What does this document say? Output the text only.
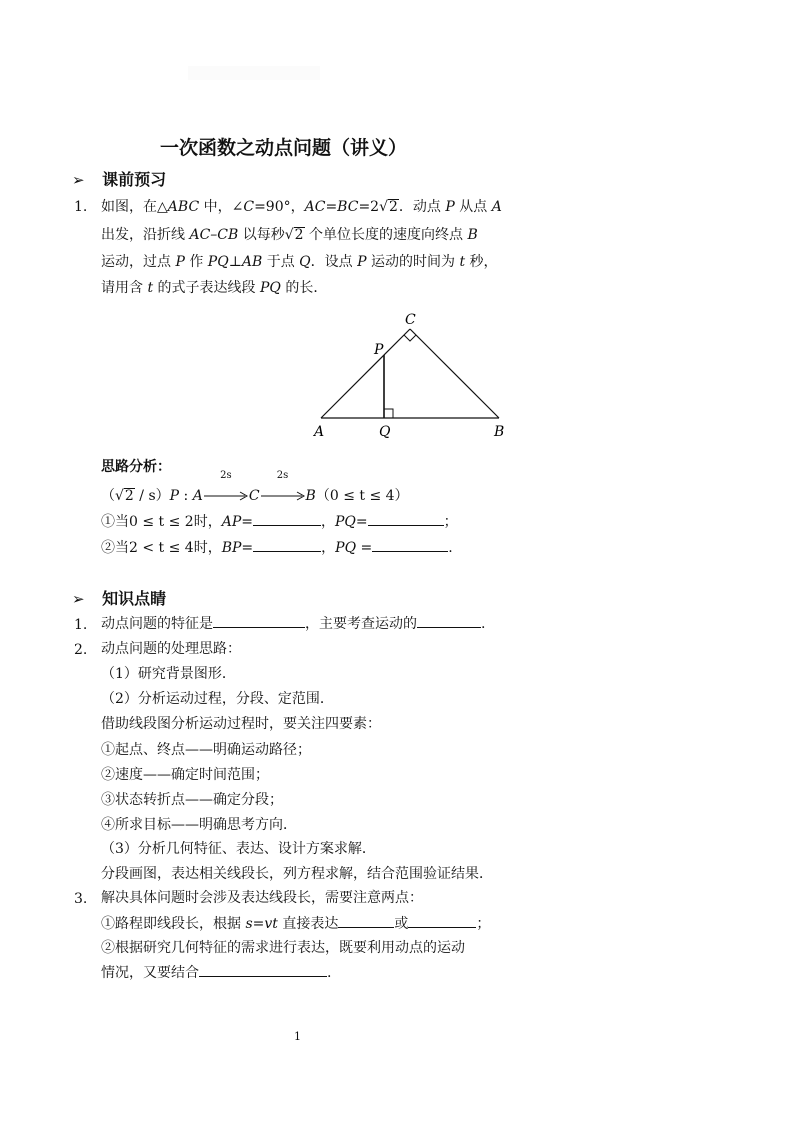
一次函数之动点问题（讲义）
➢ 课前预习
1. 如图，在△ABC 中，∠C=90°，AC=BC=2√2．动点 P 从点 A
出发，沿折线 AC–CB 以每秒√2 个单位长度的速度向终点 B
运动，过点 P 作 PQ⊥AB 于点 Q．设点 P 运动的时间为 t 秒，
请用含 t 的式子表达线段 PQ 的长．
C
P
A	Q	B
思路分析：
（√2 / s）P : A
2s
C
2s
B（0 ≤ t ≤ 4）
①当0 ≤ t ≤ 2时，AP=	，PQ=	；
②当2 < t ≤ 4时，BP=	，PQ =	.
➢ 知识点睛
1. 动点问题的特征是	，主要考查运动的	.
2. 动点问题的处理思路：
（1）研究背景图形．
（2）分析运动过程，分段、定范围．
借助线段图分析运动过程时，要关注四要素：
①起点、终点——明确运动路径；
②速度——确定时间范围；
③状态转折点——确定分段；
④所求目标——明确思考方向．
（3）分析几何特征、表达、设计方案求解．
分段画图，表达相关线段长，列方程求解，结合范围验证结果．
3. 解决具体问题时会涉及表达线段长，需要注意两点：
①路程即线段长，根据 s=vt 直接表达	或	；
②根据研究几何特征的需求进行表达，既要利用动点的运动
情况，又要结合	.
1
